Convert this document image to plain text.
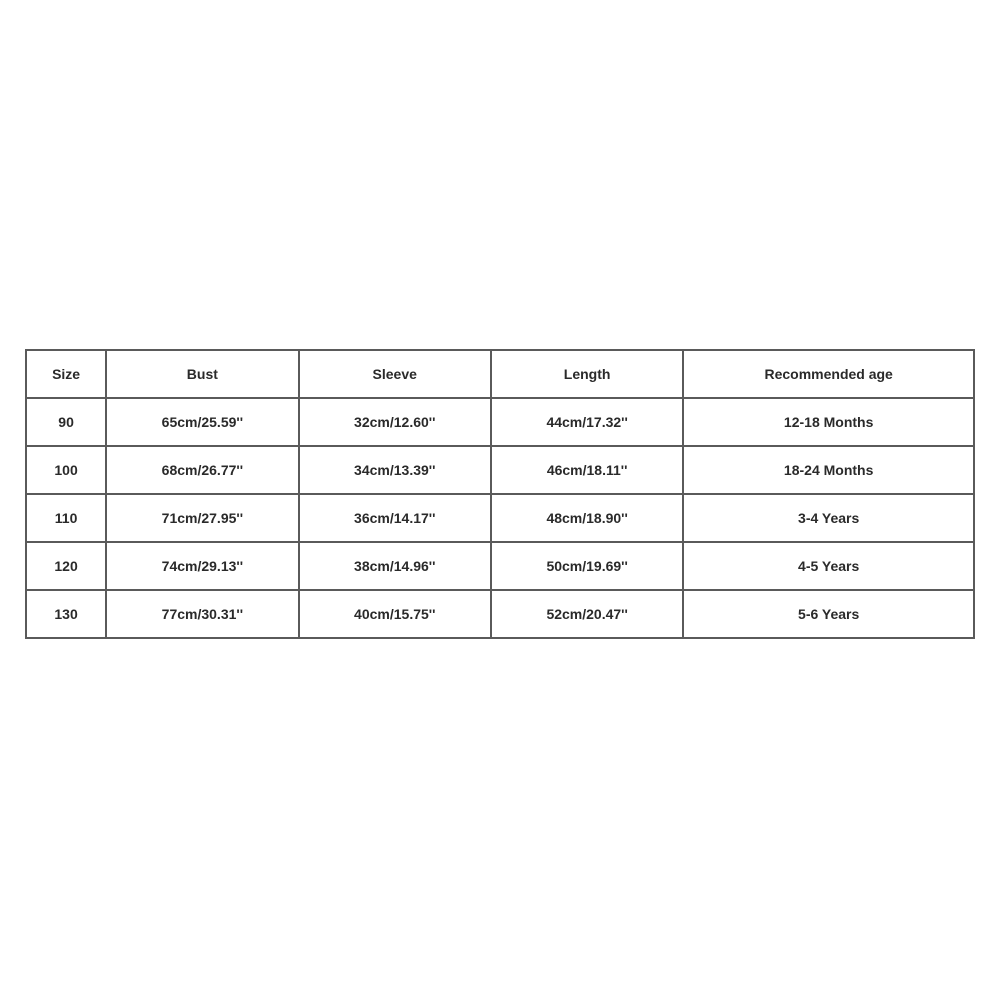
Size	Bust	Sleeve	Length	Recommended age
90	65cm/25.59''	32cm/12.60''	44cm/17.32''	12-18 Months
100	68cm/26.77''	34cm/13.39''	46cm/18.11''	18-24 Months
110	71cm/27.95''	36cm/14.17''	48cm/18.90''	3-4 Years
120	74cm/29.13''	38cm/14.96''	50cm/19.69''	4-5 Years
130	77cm/30.31''	40cm/15.75''	52cm/20.47''	5-6 Years
